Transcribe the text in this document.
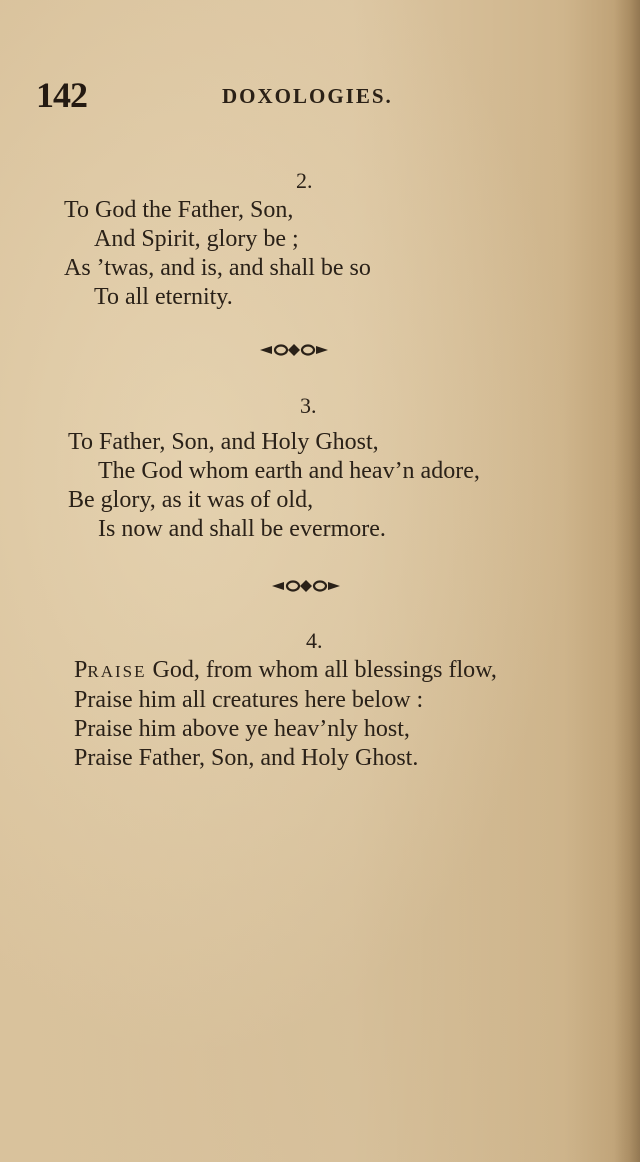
142	DOXOLOGIES.
2.
To God the Father, Son,
And Spirit, glory be ;
As ’twas, and is, and shall be so
To all eternity.
3.
To Father, Son, and Holy Ghost,
The God whom earth and heav’n adore,
Be glory, as it was of old,
Is now and shall be evermore.
4.
PRAISE God, from whom all blessings flow,
Praise him all creatures here below :
Praise him above ye heav’nly host,
Praise Father, Son, and Holy Ghost.
